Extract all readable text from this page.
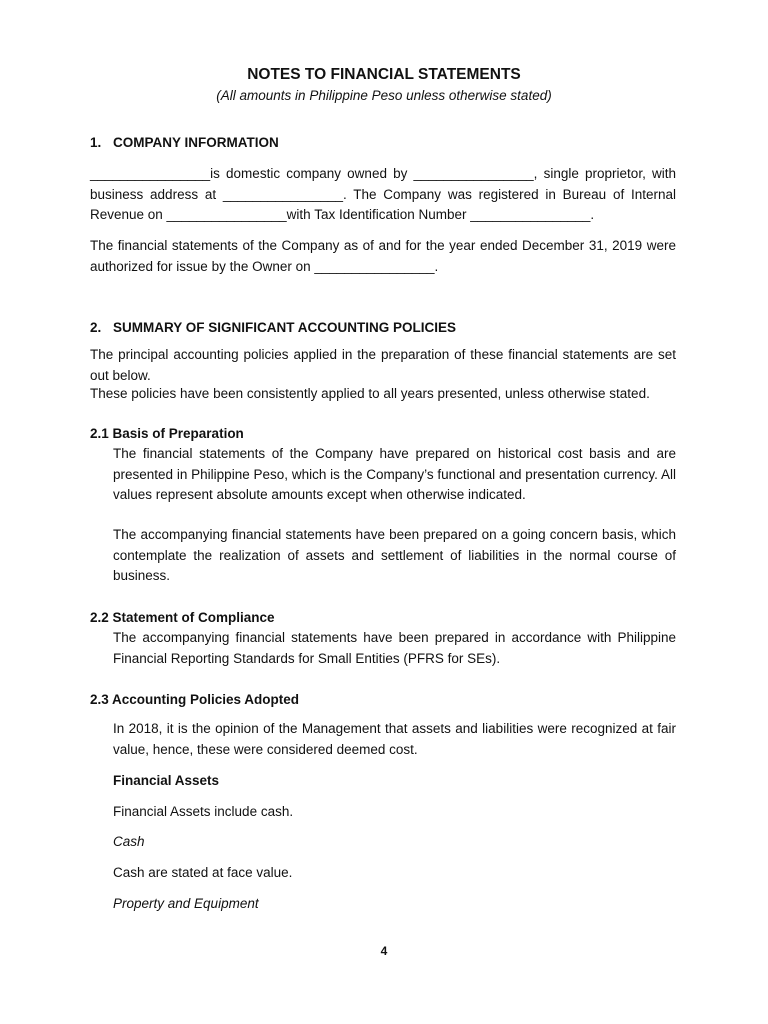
NOTES TO FINANCIAL STATEMENTS
(All amounts in Philippine Peso unless otherwise stated)
1. COMPANY INFORMATION

________________is domestic company owned by ________________, single proprietor, with business address at ________________. The Company was registered in Bureau of Internal Revenue on ________________with Tax Identification Number ________________.

The financial statements of the Company as of and for the year ended December 31, 2019 were authorized for issue by the Owner on ________________.

2. SUMMARY OF SIGNIFICANT ACCOUNTING POLICIES

The principal accounting policies applied in the preparation of these financial statements are set out below.

These policies have been consistently applied to all years presented, unless otherwise stated.

2.1 Basis of Preparation

The financial statements of the Company have prepared on historical cost basis and are presented in Philippine Peso, which is the Company’s functional and presentation currency. All values represent absolute amounts except when otherwise indicated.

The accompanying financial statements have been prepared on a going concern basis, which contemplate the realization of assets and settlement of liabilities in the normal course of business.

2.2 Statement of Compliance

The accompanying financial statements have been prepared in accordance with Philippine Financial Reporting Standards for Small Entities (PFRS for SEs).

2.3 Accounting Policies Adopted

In 2018, it is the opinion of the Management that assets and liabilities were recognized at fair value, hence, these were considered deemed cost.

Financial Assets
Financial Assets include cash.
Cash
Cash are stated at face value.
Property and Equipment
4
